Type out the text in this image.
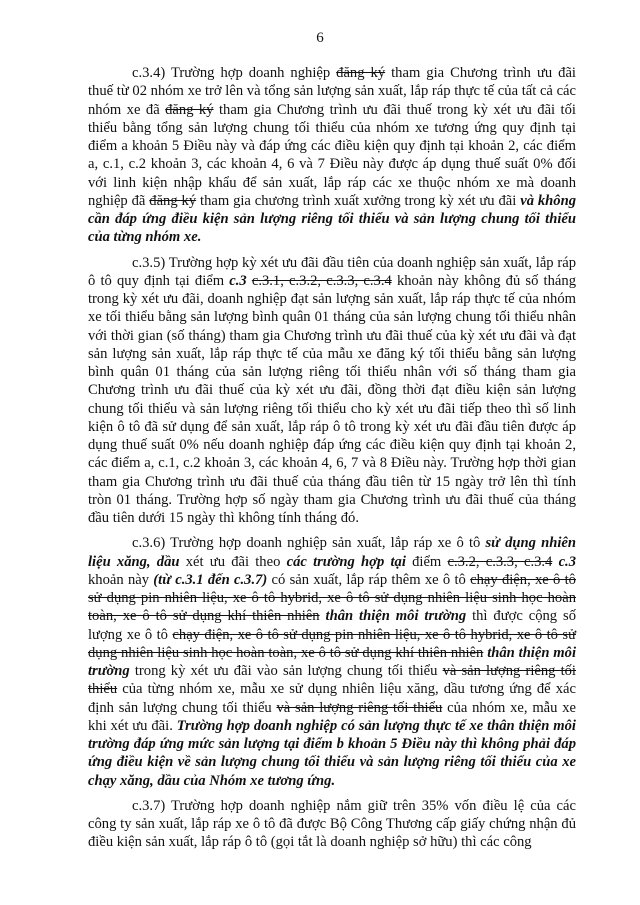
6

c.3.4) Trường hợp doanh nghiệp đăng ký tham gia Chương trình ưu đãi thuế từ 02 nhóm xe trở lên và tổng sản lượng sản xuất, lắp ráp thực tế của tất cả các nhóm xe đã đăng ký tham gia Chương trình ưu đãi thuế trong kỳ xét ưu đãi tối thiểu bằng tổng sản lượng chung tối thiểu của nhóm xe tương ứng quy định tại điểm a khoản 5 Điều này và đáp ứng các điều kiện quy định tại khoản 2, các điểm a, c.1, c.2 khoản 3, các khoản 4, 6 và 7 Điều này được áp dụng thuế suất 0% đối với linh kiện nhập khẩu để sản xuất, lắp ráp các xe thuộc nhóm xe mà doanh nghiệp đã đăng ký tham gia chương trình xuất xưởng trong kỳ xét ưu đãi và không cần đáp ứng điều kiện sản lượng riêng tối thiểu và sản lượng chung tối thiểu của từng nhóm xe.

c.3.5) Trường hợp kỳ xét ưu đãi đầu tiên của doanh nghiệp sản xuất, lắp ráp ô tô quy định tại điểm c.3 c.3.1, c.3.2, c.3.3, c.3.4 khoản này không đủ số tháng trong kỳ xét ưu đãi, doanh nghiệp đạt sản lượng sản xuất, lắp ráp thực tế của nhóm xe tối thiểu bằng sản lượng bình quân 01 tháng của sản lượng chung tối thiểu nhân với thời gian (số tháng) tham gia Chương trình ưu đãi thuế của kỳ xét ưu đãi và đạt sản lượng sản xuất, lắp ráp thực tế của mẫu xe đăng ký tối thiểu bằng sản lượng bình quân 01 tháng của sản lượng riêng tối thiểu nhân với số tháng tham gia Chương trình ưu đãi thuế của kỳ xét ưu đãi, đồng thời đạt điều kiện sản lượng chung tối thiểu và sản lượng riêng tối thiểu cho kỳ xét ưu đãi tiếp theo thì số linh kiện ô tô đã sử dụng để sản xuất, lắp ráp ô tô trong kỳ xét ưu đãi đầu tiên được áp dụng thuế suất 0% nếu doanh nghiệp đáp ứng các điều kiện quy định tại khoản 2, các điểm a, c.1, c.2 khoản 3, các khoản 4, 6, 7 và 8 Điều này. Trường hợp thời gian tham gia Chương trình ưu đãi thuế của tháng đầu tiên từ 15 ngày trở lên thì tính tròn 01 tháng. Trường hợp số ngày tham gia Chương trình ưu đãi thuế của tháng đầu tiên dưới 15 ngày thì không tính tháng đó.

c.3.6) Trường hợp doanh nghiệp sản xuất, lắp ráp xe ô tô sử dụng nhiên liệu xăng, dầu xét ưu đãi theo các trường hợp tại điểm c.3.2, c.3.3, c.3.4 c.3 khoản này (từ c.3.1 đến c.3.7) có sản xuất, lắp ráp thêm xe ô tô chạy điện, xe ô tô sử dụng pin nhiên liệu, xe ô tô hybrid, xe ô tô sử dụng nhiên liệu sinh học hoàn toàn, xe ô tô sử dụng khí thiên nhiên thân thiện môi trường thì được cộng số lượng xe ô tô chạy điện, xe ô tô sử dụng pin nhiên liệu, xe ô tô hybrid, xe ô tô sử dụng nhiên liệu sinh học hoàn toàn, xe ô tô sử dụng khí thiên nhiên thân thiện môi trường trong kỳ xét ưu đãi vào sản lượng chung tối thiểu và sản lượng riêng tối thiểu của từng nhóm xe, mẫu xe sử dụng nhiên liệu xăng, dầu tương ứng để xác định sản lượng chung tối thiểu và sản lượng riêng tối thiểu của nhóm xe, mẫu xe khi xét ưu đãi. Trường hợp doanh nghiệp có sản lượng thực tế xe thân thiện môi trường đáp ứng mức sản lượng tại điểm b khoản 5 Điều này thì không phải đáp ứng điều kiện về sản lượng chung tối thiểu và sản lượng riêng tối thiểu của xe chạy xăng, dầu của Nhóm xe tương ứng.

c.3.7) Trường hợp doanh nghiệp nắm giữ trên 35% vốn điều lệ của các công ty sản xuất, lắp ráp xe ô tô đã được Bộ Công Thương cấp giấy chứng nhận đủ điều kiện sản xuất, lắp ráp ô tô (gọi tắt là doanh nghiệp sở hữu) thì các công
